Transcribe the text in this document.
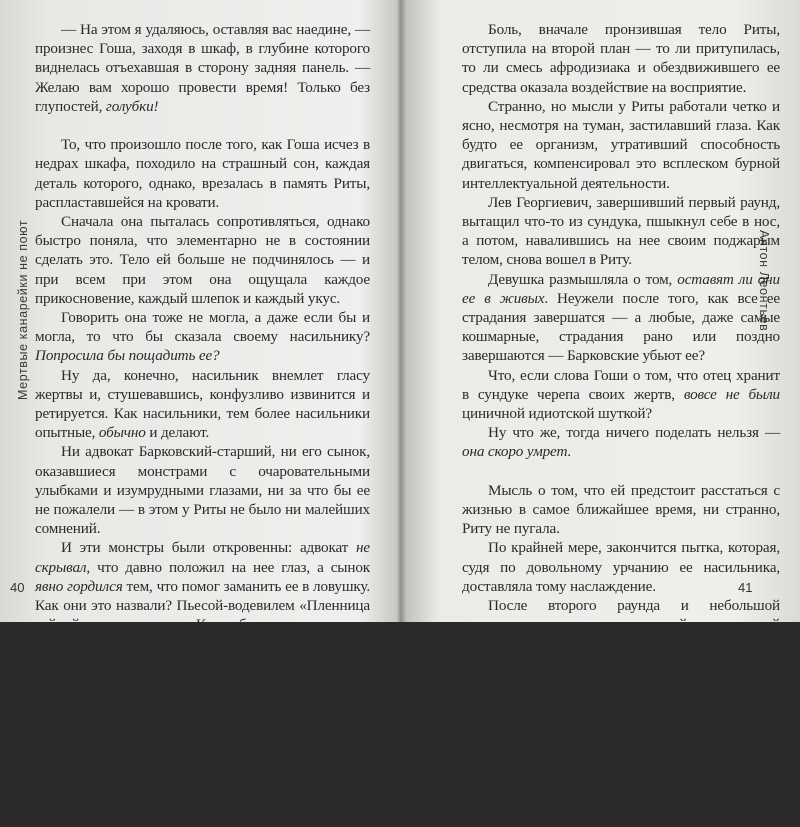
Мертвые канарейки не поют

— На этом я удаляюсь, оставляя вас наедине, — произнес Гоша, заходя в шкаф, в глубине которого виднелась отъехавшая в сторону задняя панель. — Желаю вам хорошо провести время! Только без глупостей, голубки!

То, что произошло после того, как Гоша исчез в недрах шкафа, походило на страшный сон, каждая деталь которого, однако, врезалась в память Риты, распластавшейся на кровати.

Сначала она пыталась сопротивляться, однако быстро поняла, что элементарно не в состоянии сделать это. Тело ей больше не подчинялось — и при всем при этом она ощущала каждое прикосновение, каждый шлепок и каждый укус.

Говорить она тоже не могла, а даже если бы и могла, то что бы сказала своему насильнику? Попросила бы пощадить ее?

Ну да, конечно, насильник внемлет гласу жертвы и, стушевавшись, конфузливо извинится и ретируется. Как насильники, тем более насильники опытные, обычно и делают.

Ни адвокат Барковский-старший, ни его сынок, оказавшиеся монстрами с очаровательными улыбками и изумрудными глазами, ни за что бы ее не пожалели — в этом у Риты не было ни малейших сомнений.

И эти монстры были откровенны: адвокат не скрывал, что давно положил на нее глаз, а сынок явно гордился тем, что помог заманить ее в ловушку. Как они это назвали? Пьесой-водевилем «Пленница тайной комнаты, или Как обдурить недалекую девственницу»?

И этой недалекой девственницей — как, впрочем, и пленницей тайной комнаты — была она сама.

Рита думала об этих ужасных вещах, пока Лев Георгиевич Барковский, владелец самой известной адвокатской фирмы в городе, миллионер, бывший на короткой ноге с сильными мира сего, насиловал ее.

Методично. Беспощадно. Изобретательно.

40
Антон Леонтьев

Боль, вначале пронзившая тело Риты, отступила на второй план — то ли притупилась, то ли смесь афродизиака и обездвижившего ее средства оказала воздействие на восприятие.

Странно, но мысли у Риты работали четко и ясно, несмотря на туман, застилавший глаза. Как будто ее организм, утративший способность двигаться, компенсировал это всплеском бурной интеллектуальной деятельности.

Лев Георгиевич, завершивший первый раунд, вытащил что-то из сундука, пшыкнул себе в нос, а потом, навалившись на нее своим поджарым телом, снова вошел в Риту.

Девушка размышляла о том, оставят ли они ее в живых. Неужели после того, как все ее страдания завершатся — а любые, даже самые кошмарные, страдания рано или поздно завершаются — Барковские убьют ее?

Что, если слова Гоши о том, что отец хранит в сундуке черепа своих жертв, вовсе не были циничной идиотской шуткой?

Ну что же, тогда ничего поделать нельзя — она скоро умрет.

Мысль о том, что ей предстоит расстаться с жизнью в самое ближайшее время, ни странно, Риту не пугала.

По крайней мере, закончится пытка, которая, судя по довольному урчанию ее насильника, доставляла тому наслаждение.

После второго раунда и небольшой передышки последовал третий — самый длинный и самый ужасный. Стиснув зубы, Рита думала о том, что, если бы ее поставили перед выбором: немедленно умереть или продолжать испытывать то, что она испытывала, она бы выбрала смерть.

Впрочем, она не сомневалась, что скоро умрет. Потому что после всего, что Барковские причинили ей, они не могут оставить ее в живых, просто не могут.

41
